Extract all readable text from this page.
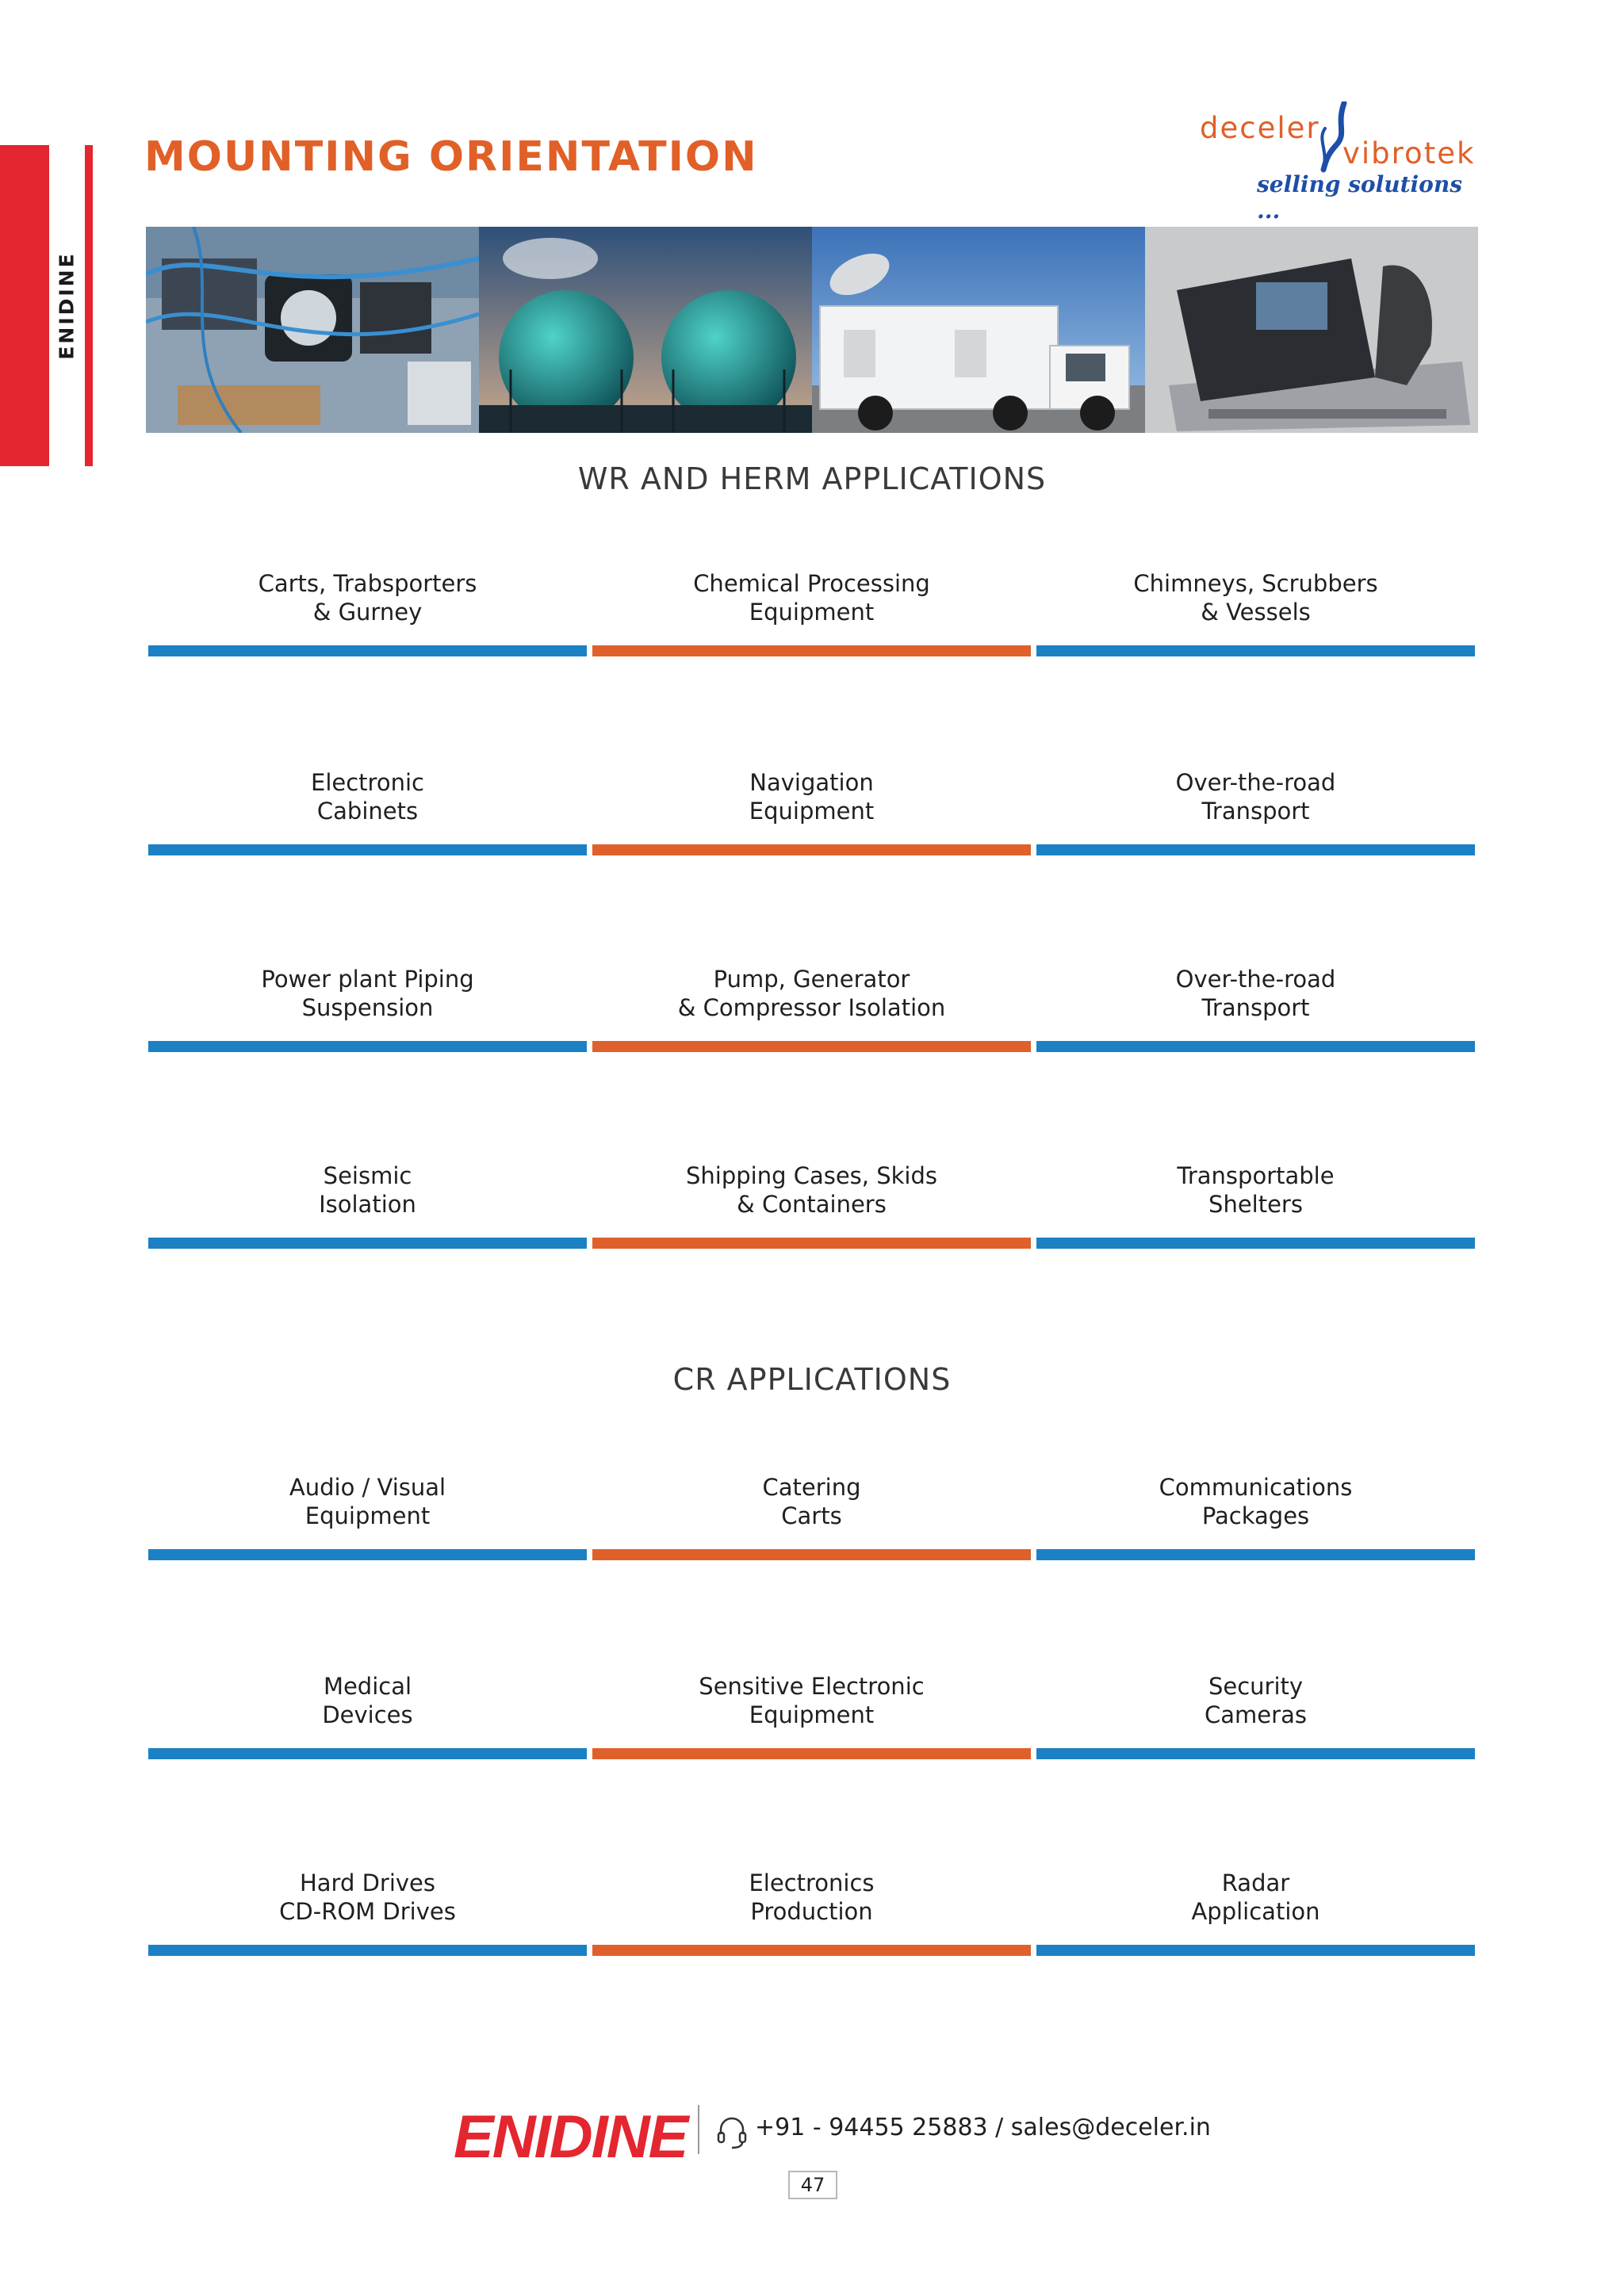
ENIDINE
MOUNTING ORIENTATION
deceler
vibrotek
selling solutions ...
WR AND HERM APPLICATIONS
Carts, Trabsporters
& Gurney
Chemical Processing
Equipment
Chimneys, Scrubbers
& Vessels
Electronic
Cabinets
Navigation
Equipment
Over-the-road
Transport
Power plant Piping
Suspension
Pump, Generator
& Compressor Isolation
Over-the-road
Transport
Seismic
Isolation
Shipping Cases, Skids
& Containers
Transportable
Shelters
CR APPLICATIONS
Audio / Visual
Equipment
Catering
Carts
Communications
Packages
Medical
Devices
Sensitive Electronic
Equipment
Security
Cameras
Hard Drives
CD-ROM Drives
Electronics
Production
Radar
Application
ENIDINE	+91 - 94455 25883 / sales@deceler.in
47
